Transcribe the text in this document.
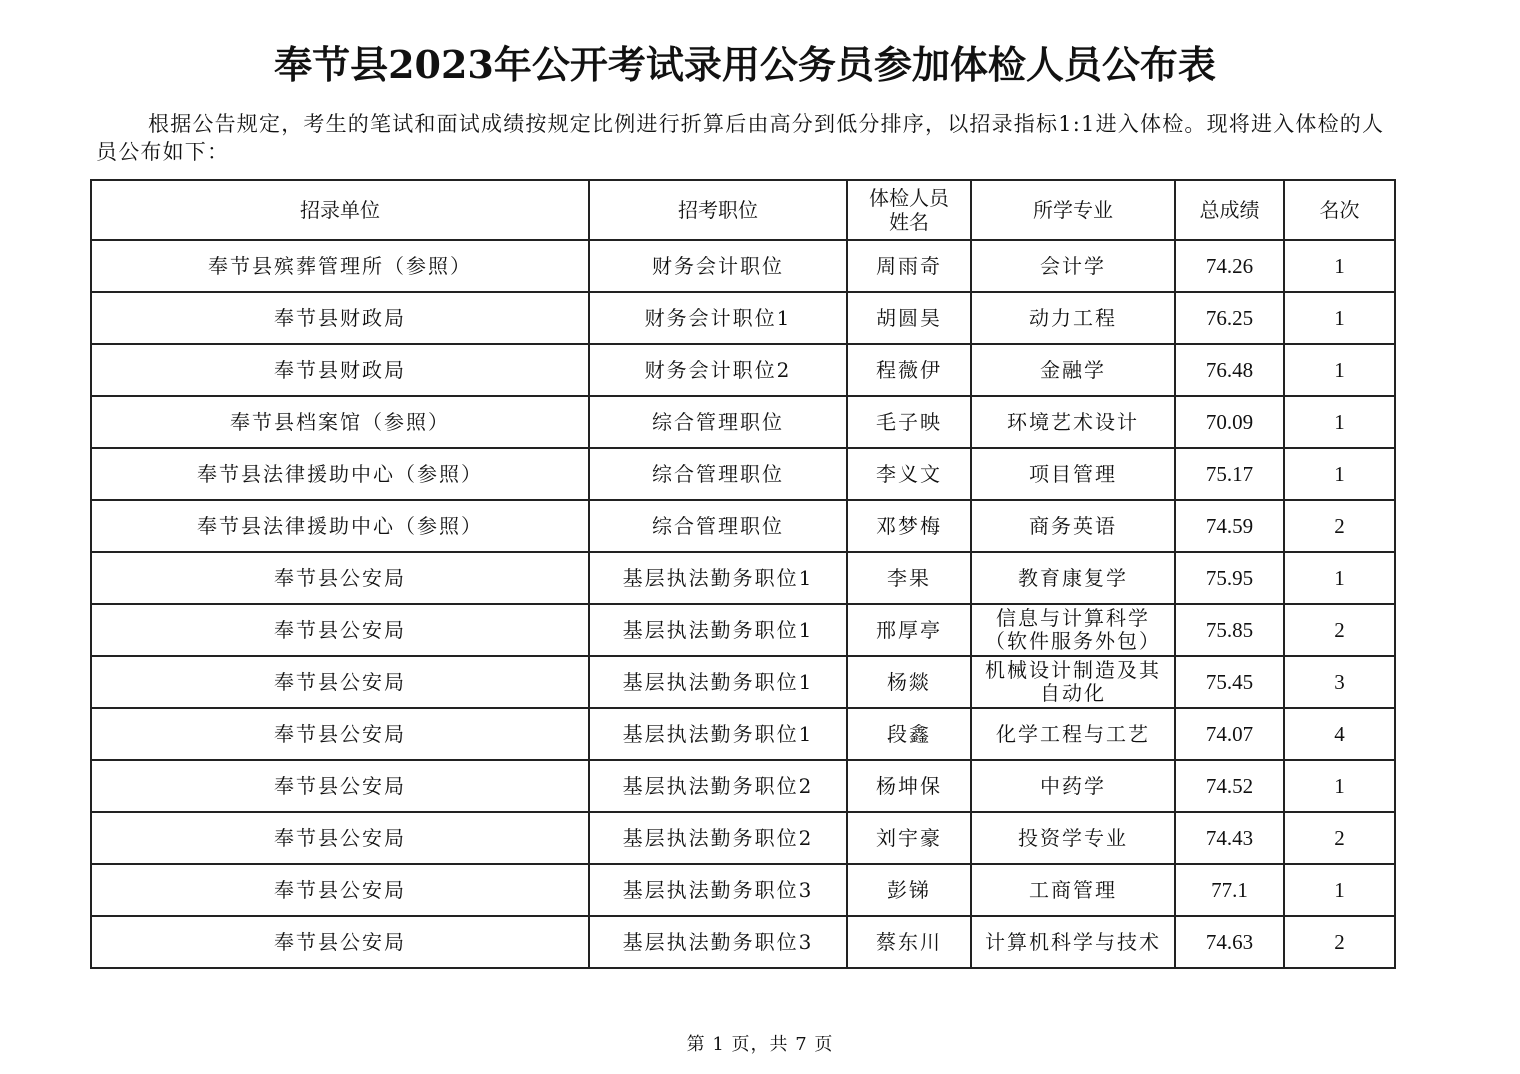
奉节县2023年公开考试录用公务员参加体检人员公布表
根据公告规定，考生的笔试和面试成绩按规定比例进行折算后由高分到低分排序，以招录指标1:1进入体检。现将进入体检的人员公布如下：
招录单位	招考职位	体检人员姓名	所学专业	总成绩	名次
奉节县殡葬管理所（参照）	财务会计职位	周雨奇	会计学	74.26	1
奉节县财政局	财务会计职位1	胡圆昊	动力工程	76.25	1
奉节县财政局	财务会计职位2	程薇伊	金融学	76.48	1
奉节县档案馆（参照）	综合管理职位	毛子映	环境艺术设计	70.09	1
奉节县法律援助中心（参照）	综合管理职位	李义文	项目管理	75.17	1
奉节县法律援助中心（参照）	综合管理职位	邓梦梅	商务英语	74.59	2
奉节县公安局	基层执法勤务职位1	李果	教育康复学	75.95	1
奉节县公安局	基层执法勤务职位1	邢厚亭	信息与计算科学（软件服务外包）	75.85	2
奉节县公安局	基层执法勤务职位1	杨燚	机械设计制造及其自动化	75.45	3
奉节县公安局	基层执法勤务职位1	段鑫	化学工程与工艺	74.07	4
奉节县公安局	基层执法勤务职位2	杨坤保	中药学	74.52	1
奉节县公安局	基层执法勤务职位2	刘宇豪	投资学专业	74.43	2
奉节县公安局	基层执法勤务职位3	彭锑	工商管理	77.1	1
奉节县公安局	基层执法勤务职位3	蔡东川	计算机科学与技术	74.63	2
第 1 页，共 7 页
